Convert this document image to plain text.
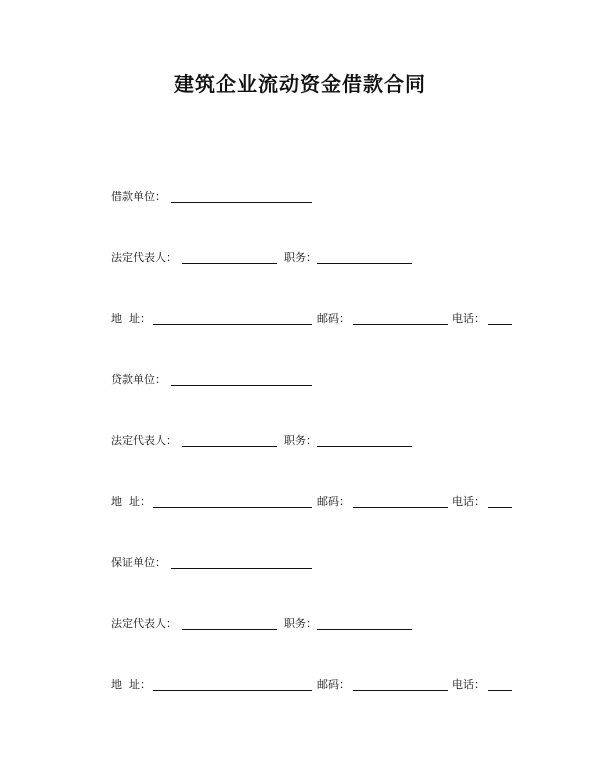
建筑企业流动资金借款合同
借款单位：
法定代表人：	职务：
地  址：	邮码：	电话：
贷款单位：
法定代表人：	职务：
地  址：	邮码：	电话：
保证单位：
法定代表人：	职务：
地  址：	邮码：	电话：
